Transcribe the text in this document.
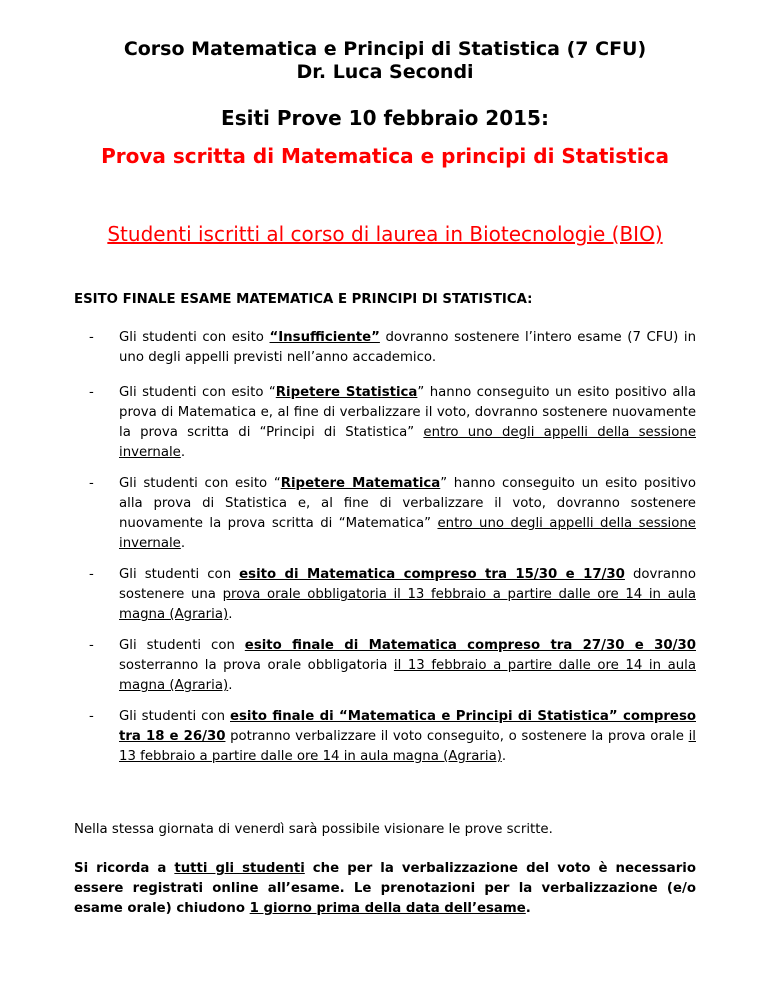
Corso Matematica e Principi di Statistica (7 CFU)
Dr. Luca Secondi
Esiti Prove 10 febbraio 2015:
Prova scritta di Matematica e principi di Statistica
Studenti iscritti al corso di laurea in Biotecnologie (BIO)
ESITO FINALE ESAME MATEMATICA E PRINCIPI DI STATISTICA:
- Gli studenti con esito “Insufficiente” dovranno sostenere l’intero esame (7 CFU) in uno degli appelli previsti nell’anno accademico.
- Gli studenti con esito “Ripetere Statistica” hanno conseguito un esito positivo alla prova di Matematica e, al fine di verbalizzare il voto, dovranno sostenere nuovamente la prova scritta di “Principi di Statistica” entro uno degli appelli della sessione invernale.
- Gli studenti con esito “Ripetere Matematica” hanno conseguito un esito positivo alla prova di Statistica e, al fine di verbalizzare il voto, dovranno sostenere nuovamente la prova scritta di “Matematica” entro uno degli appelli della sessione invernale.
- Gli studenti con esito di Matematica compreso tra 15/30 e 17/30 dovranno sostenere una prova orale obbligatoria il 13 febbraio a partire dalle ore 14 in aula magna (Agraria).
- Gli studenti con esito finale di Matematica compreso tra 27/30 e 30/30 sosterranno la prova orale obbligatoria il 13 febbraio a partire dalle ore 14 in aula magna (Agraria).
- Gli studenti con esito finale di “Matematica e Principi di Statistica” compreso tra 18 e 26/30 potranno verbalizzare il voto conseguito, o sostenere la prova orale il 13 febbraio a partire dalle ore 14 in aula magna (Agraria).
Nella stessa giornata di venerdì sarà possibile visionare le prove scritte.
Si ricorda a tutti gli studenti che per la verbalizzazione del voto è necessario essere registrati online all’esame. Le prenotazioni per la verbalizzazione (e/o esame orale) chiudono 1 giorno prima della data dell’esame.
